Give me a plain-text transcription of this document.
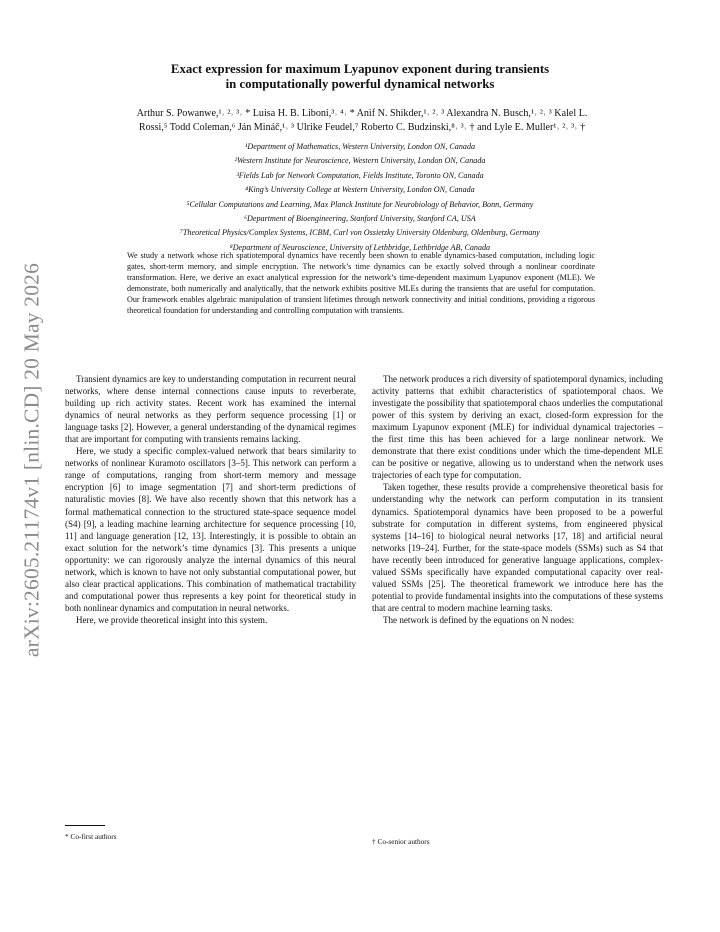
arXiv:2605.21174v1 [nlin.CD] 20 May 2026
Exact expression for maximum Lyapunov exponent during transients
in computationally powerful dynamical networks
Arthur S. Powanwe,¹˒ ²˒ ³˒ * Luisa H. B. Liboni,³˒ ⁴˒ * Anif N. Shikder,¹˒ ²˒ ³ Alexandra N. Busch,¹˒ ²˒ ³ Kalel L.
Rossi,⁵ Todd Coleman,⁶ Ján Mináč,¹˒ ³ Ulrike Feudel,⁷ Roberto C. Budzinski,⁸˒ ³˒ † and Lyle E. Muller¹˒ ²˒ ³˒ †
¹Department of Mathematics, Western University, London ON, Canada
²Western Institute for Neuroscience, Western University, London ON, Canada
³Fields Lab for Network Computation, Fields Institute, Toronto ON, Canada
⁴King’s University College at Western University, London ON, Canada
⁵Cellular Computations and Learning, Max Planck Institute for Neurobiology of Behavior, Bonn, Germany
⁶Department of Bioengineering, Stanford University, Stanford CA, USA
⁷Theoretical Physics/Complex Systems, ICBM, Carl von Ossietzky University Oldenburg, Oldenburg, Germany
⁸Department of Neuroscience, University of Lethbridge, Lethbridge AB, Canada
We study a network whose rich spatiotemporal dynamics have recently been shown to enable dynamics-based computation, including logic gates, short-term memory, and simple encryption. The network’s time dynamics can be exactly solved through a nonlinear coordinate transformation. Here, we derive an exact analytical expression for the network’s time-dependent maximum Lyapunov exponent (MLE). We demonstrate, both numerically and analytically, that the network exhibits positive MLEs during the transients that are useful for computation. Our framework enables algebraic manipulation of transient lifetimes through network connectivity and initial conditions, providing a rigorous theoretical foundation for understanding and controlling computation with transients.

Transient dynamics are key to understanding computation in recurrent neural networks, where dense internal connections cause inputs to reverberate, building up rich activity states. Recent work has examined the internal dynamics of neural networks as they perform sequence processing [1] or language tasks [2]. However, a general understanding of the dynamical regimes that are important for computing with transients remains lacking.

Here, we study a specific complex-valued network that bears similarity to networks of nonlinear Kuramoto oscillators [3–5]. This network can perform a range of computations, ranging from short-term memory and message encryption [6] to image segmentation [7] and short-term predictions of naturalistic movies [8]. We have also recently shown that this network has a formal mathematical connection to the structured state-space sequence model (S4) [9], a leading machine learning architecture for sequence processing [10, 11] and language generation [12, 13]. Interestingly, it is possible to obtain an exact solution for the network’s time dynamics [3]. This presents a unique opportunity: we can rigorously analyze the internal dynamics of this neural network, which is known to have not only substantial computational power, but also clear practical applications. This combination of mathematical tractability and computational power thus represents a key point for theoretical study in both nonlinear dynamics and computation in neural networks.

Here, we provide theoretical insight into this system.

The network produces a rich diversity of spatiotemporal dynamics, including activity patterns that exhibit characteristics of spatiotemporal chaos. We investigate the possibility that spatiotemporal chaos underlies the computational power of this system by deriving an exact, closed-form expression for the maximum Lyapunov exponent (MLE) for individual dynamical trajectories – the first time this has been achieved for a large nonlinear network. We demonstrate that there exist conditions under which the time-dependent MLE can be positive or negative, allowing us to understand when the network uses trajectories of each type for computation.

Taken together, these results provide a comprehensive theoretical basis for understanding why the network can perform computation in its transient dynamics. Spatiotemporal dynamics have been proposed to be a powerful substrate for computation in different systems, from engineered physical systems [14–16] to biological neural networks [17, 18] and artificial neural networks [19–24]. Further, for the state-space models (SSMs) such as S4 that have recently been introduced for generative language applications, complex-valued SSMs specifically have expanded computational capacity over real-valued SSMs [25]. The theoretical framework we introduce here has the potential to provide fundamental insights into the computations of these systems that are central to modern machine learning tasks.

The network is defined by the equations on N nodes:

* Co-first authors
† Co-senior authors
